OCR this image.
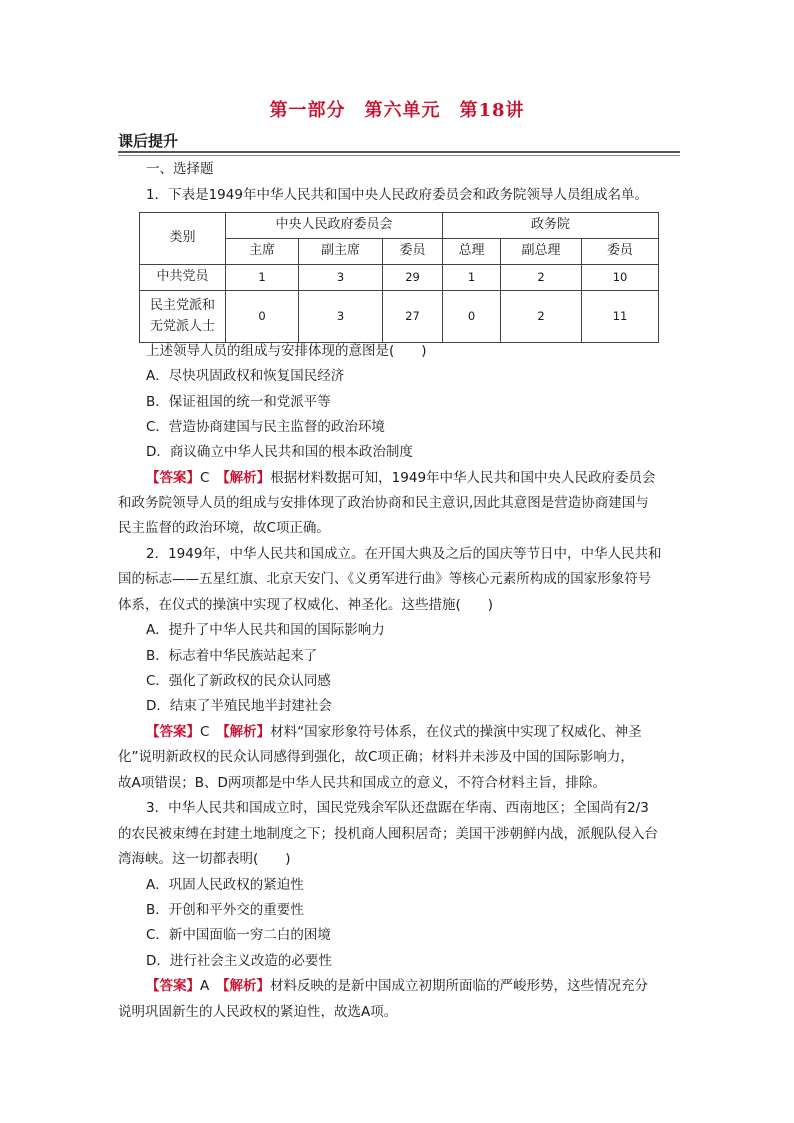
第一部分　第六单元　第18讲
课后提升
一、选择题
1．下表是1949年中华人民共和国中央人民政府委员会和政务院领导人员组成名单。
类别	中央人民政府委员会			政务院		
	主席	副主席	委员	总理	副总理	委员
中共党员	1	3	29	1	2	10

民主党派和
无党派人士	0	3	27	0	2	11
上述领导人员的组成与安排体现的意图是(　　)
A．尽快巩固政权和恢复国民经济
B．保证祖国的统一和党派平等
C．营造协商建国与民主监督的政治环境
D．商议确立中华人民共和国的根本政治制度
【答案】C　 【解析】根据材料数据可知，1949年中华人民共和国中央人民政府委员会
和政务院领导人员的组成与安排体现了政治协商和民主意识,因此其意图是营造协商建国与
民主监督的政治环境，故C项正确。
2．1949年，中华人民共和国成立。在开国大典及之后的国庆等节日中，中华人民共和
国的标志——五星红旗、北京天安门、《义勇军进行曲》等核心元素所构成的国家形象符号
体系，在仪式的操演中实现了权威化、神圣化。这些措施(　　)
A．提升了中华人民共和国的国际影响力
B．标志着中华民族站起来了
C．强化了新政权的民众认同感
D．结束了半殖民地半封建社会
【答案】C　 【解析】材料“国家形象符号体系，在仪式的操演中实现了权威化、神圣
化”说明新政权的民众认同感得到强化，故C项正确；材料并未涉及中国的国际影响力，
故A项错误；B、D两项都是中华人民共和国成立的意义，不符合材料主旨，排除。
3．中华人民共和国成立时，国民党残余军队还盘踞在华南、西南地区；全国尚有2/3
的农民被束缚在封建土地制度之下；投机商人囤积居奇；美国干涉朝鲜内战，派舰队侵入台
湾海峡。这一切都表明(　　)
A．巩固人民政权的紧迫性
B．开创和平外交的重要性
C．新中国面临一穷二白的困境
D．进行社会主义改造的必要性
【答案】A　 【解析】材料反映的是新中国成立初期所面临的严峻形势，这些情况充分
说明巩固新生的人民政权的紧迫性，故选A项。
